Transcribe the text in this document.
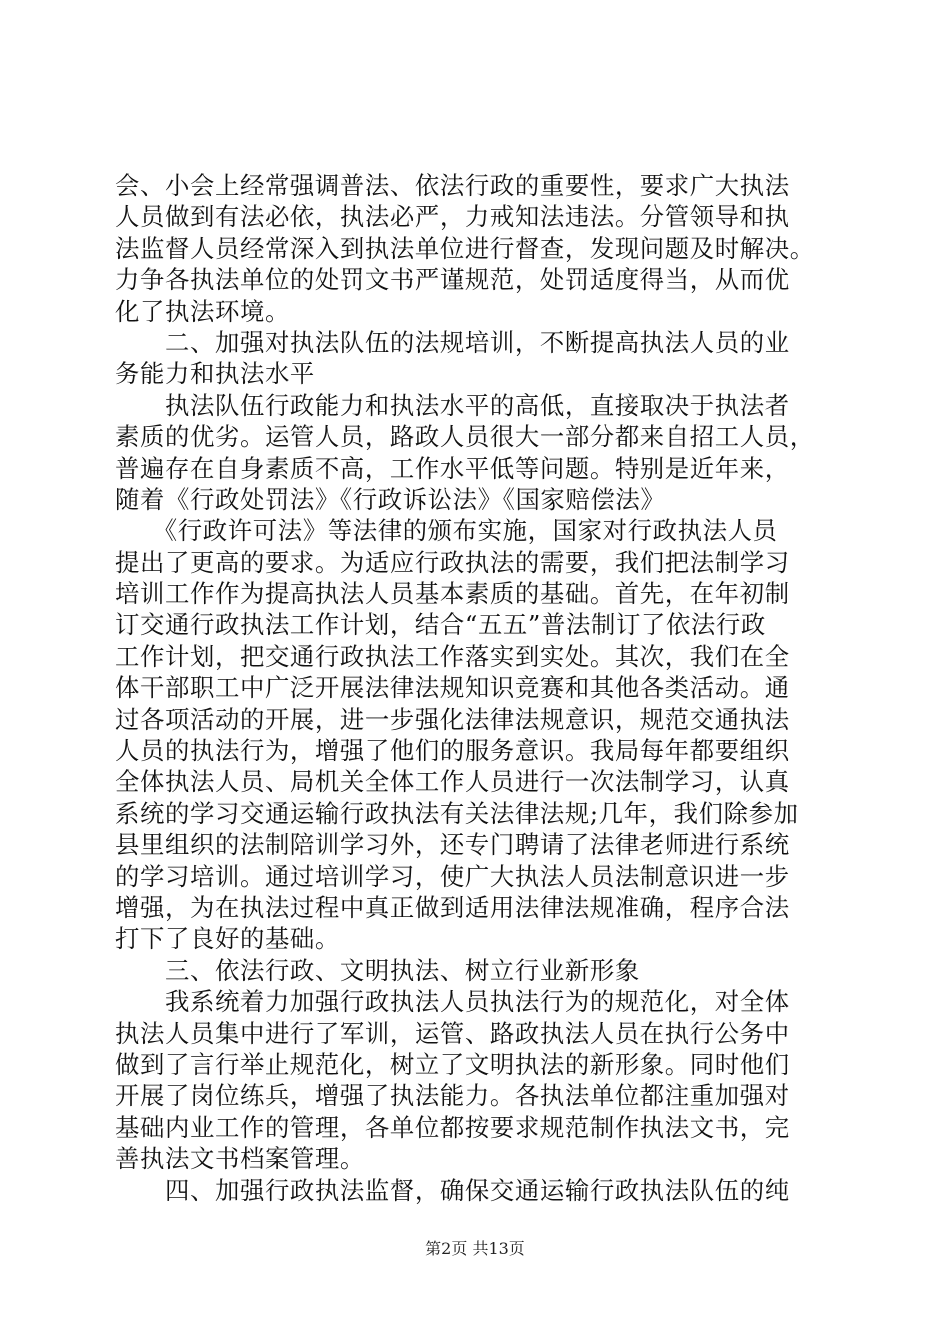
会、小会上经常强调普法、依法行政的重要性，要求广大执法
人员做到有法必依，执法必严，力戒知法违法。分管领导和执
法监督人员经常深入到执法单位进行督查，发现问题及时解决。
力争各执法单位的处罚文书严谨规范，处罚适度得当，从而优
化了执法环境。
　　二、加强对执法队伍的法规培训，不断提高执法人员的业
务能力和执法水平
　　执法队伍行政能力和执法水平的高低，直接取决于执法者
素质的优劣。运管人员，路政人员很大一部分都来自招工人员，
普遍存在自身素质不高，工作水平低等问题。特别是近年来，
随着《行政处罚法》《行政诉讼法》《国家赔偿法》
　　《行政许可法》等法律的颁布实施，国家对行政执法人员
提出了更高的要求。为适应行政执法的需要，我们把法制学习
培训工作作为提高执法人员基本素质的基础。首先，在年初制
订交通行政执法工作计划，结合“五五”普法制订了依法行政
工作计划，把交通行政执法工作落实到实处。其次，我们在全
体干部职工中广泛开展法律法规知识竞赛和其他各类活动。通
过各项活动的开展，进一步强化法律法规意识，规范交通执法
人员的执法行为，增强了他们的服务意识。我局每年都要组织
全体执法人员、局机关全体工作人员进行一次法制学习，认真
系统的学习交通运输行政执法有关法律法规;几年，我们除参加
县里组织的法制陪训学习外，还专门聘请了法律老师进行系统
的学习培训。通过培训学习，使广大执法人员法制意识进一步
增强，为在执法过程中真正做到适用法律法规准确，程序合法
打下了良好的基础。
　　三、依法行政、文明执法、树立行业新形象
　　我系统着力加强行政执法人员执法行为的规范化，对全体
执法人员集中进行了军训，运管、路政执法人员在执行公务中
做到了言行举止规范化，树立了文明执法的新形象。同时他们
开展了岗位练兵，增强了执法能力。各执法单位都注重加强对
基础内业工作的管理，各单位都按要求规范制作执法文书，完
善执法文书档案管理。
　　四、加强行政执法监督，确保交通运输行政执法队伍的纯
第2页 共13页
